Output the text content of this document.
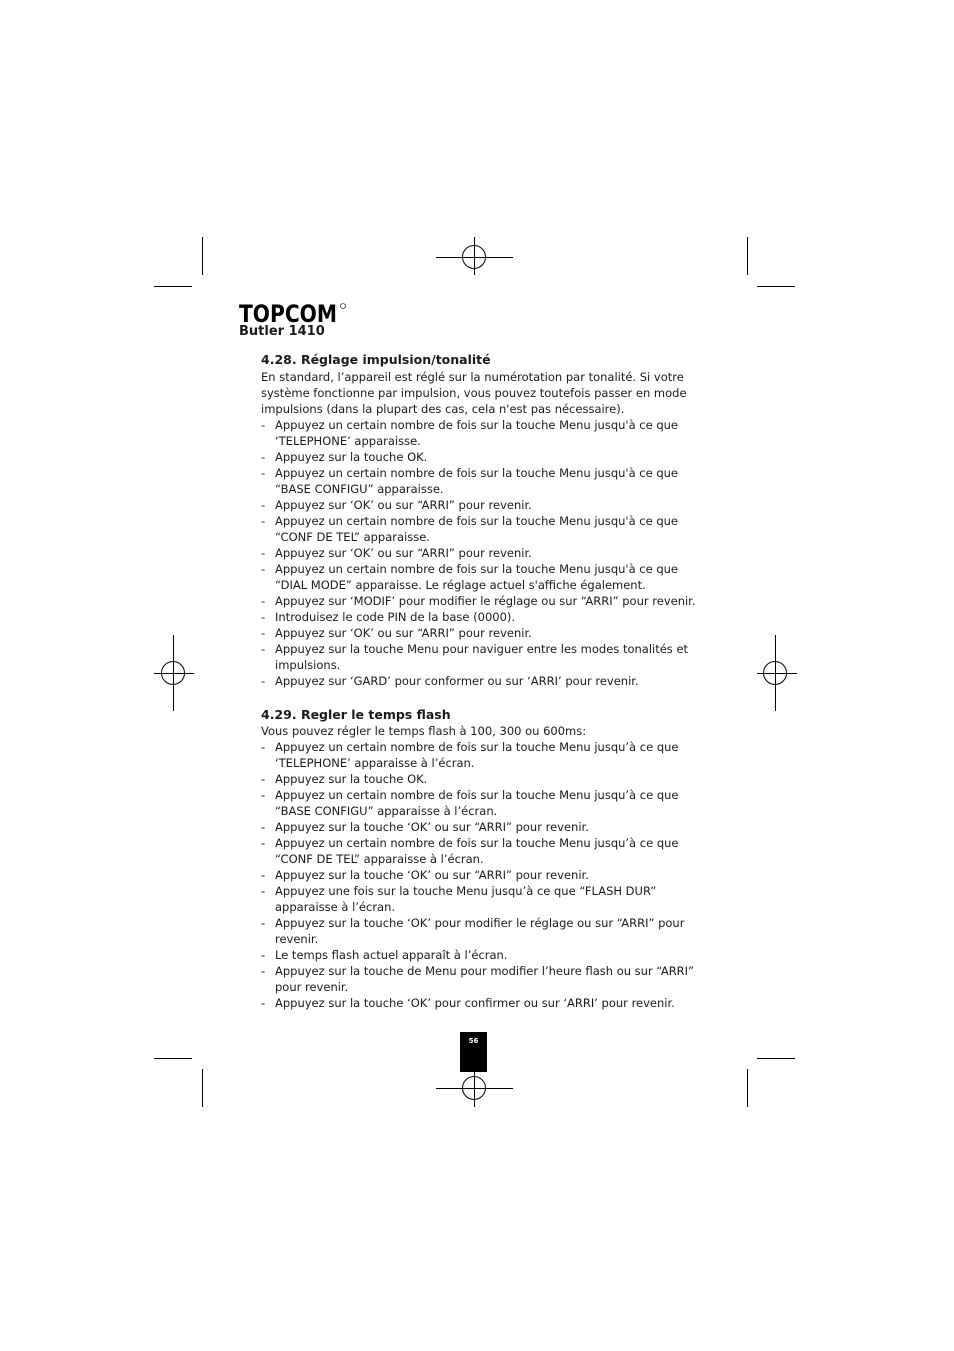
TOPCOM
Butler 1410

4.28. Réglage impulsion/tonalité

En standard, l’appareil est réglé sur la numérotation par tonalité. Si votre système fonctionne par impulsion, vous pouvez toutefois passer en mode impulsions (dans la plupart des cas, cela n'est pas nécessaire).

- Appuyez un certain nombre de fois sur la touche Menu jusqu'à ce que ‘TELEPHONE’ apparaisse.
- Appuyez sur la touche OK.
- Appuyez un certain nombre de fois sur la touche Menu jusqu'à ce que “BASE CONFIGU” apparaisse.
- Appuyez sur ‘OK’ ou sur “ARRI” pour revenir.
- Appuyez un certain nombre de fois sur la touche Menu jusqu'à ce que “CONF DE TEL” apparaisse.
- Appuyez sur ‘OK’ ou sur “ARRI” pour revenir.
- Appuyez un certain nombre de fois sur la touche Menu jusqu'à ce que “DIAL MODE” apparaisse. Le réglage actuel s'affiche également.
- Appuyez sur ‘MODIF’ pour modifier le réglage ou sur “ARRI” pour revenir.
- Introduisez le code PIN de la base (0000).
- Appuyez sur ‘OK’ ou sur “ARRI” pour revenir.
- Appuyez sur la touche Menu pour naviguer entre les modes tonalités et impulsions.
- Appuyez sur ‘GARD’ pour conformer ou sur ‘ARRI’ pour revenir.

4.29. Regler le temps flash

Vous pouvez régler le temps flash à 100, 300 ou 600ms:

- Appuyez un certain nombre de fois sur la touche Menu jusqu’à ce que ‘TELEPHONE’ apparaisse à l’écran.
- Appuyez sur la touche OK.
- Appuyez un certain nombre de fois sur la touche Menu jusqu’à ce que “BASE CONFIGU” apparaisse à l’écran.
- Appuyez sur la touche ‘OK’ ou sur “ARRI” pour revenir.
- Appuyez un certain nombre de fois sur la touche Menu jusqu’à ce que “CONF DE TEL” apparaisse à l’écran.
- Appuyez sur la touche ‘OK’ ou sur “ARRI” pour revenir.
- Appuyez une fois sur la touche Menu jusqu’à ce que “FLASH DUR” apparaisse à l’écran.
- Appuyez sur la touche ‘OK’ pour modifier le réglage ou sur “ARRI” pour revenir.
- Le temps flash actuel apparaît à l’écran.
- Appuyez sur la touche de Menu pour modifier l’heure flash ou sur “ARRI” pour revenir.
- Appuyez sur la touche ‘OK’ pour confirmer ou sur ‘ARRI’ pour revenir.
56
